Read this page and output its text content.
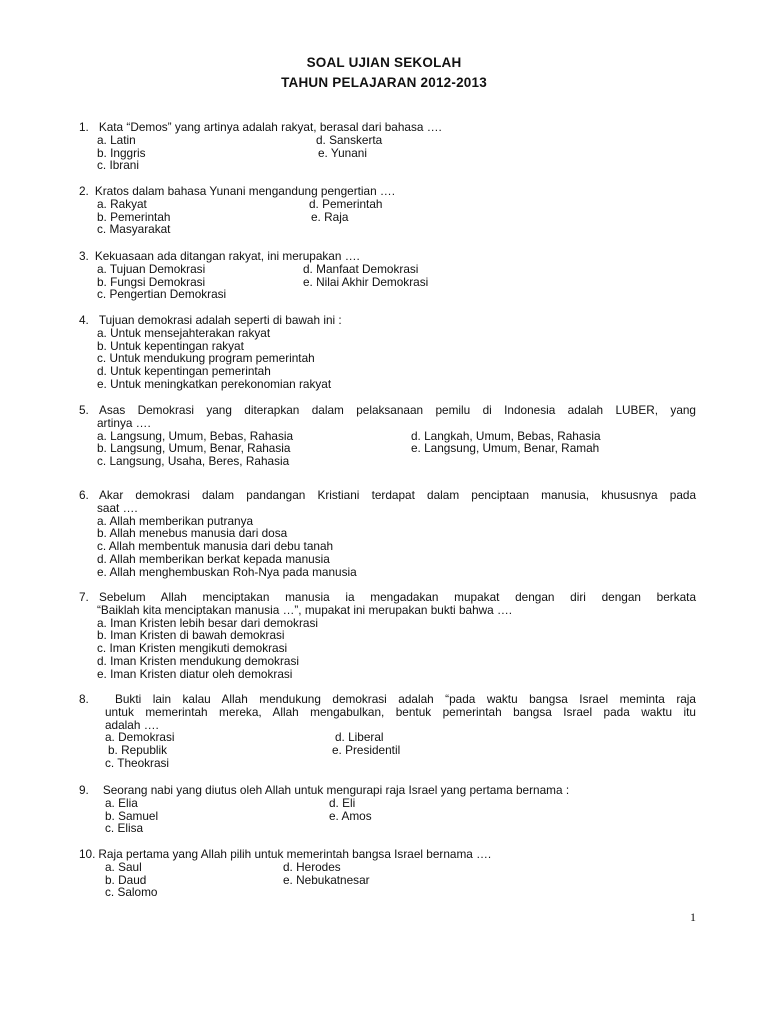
SOAL UJIAN SEKOLAH
TAHUN PELAJARAN 2012-2013
1. Kata “Demos” yang artinya adalah rakyat, berasal dari bahasa ….
a. Latin
b. Inggris
c. Ibrani
d. Sanskerta
e. Yunani
2. Kratos dalam bahasa Yunani mengandung pengertian ….
a. Rakyat
b. Pemerintah
c. Masyarakat
d. Pemerintah
e. Raja
3. Kekuasaan ada ditangan rakyat, ini merupakan ….
a. Tujuan Demokrasi
b. Fungsi Demokrasi
c. Pengertian Demokrasi
d. Manfaat Demokrasi
e. Nilai Akhir Demokrasi
4. Tujuan demokrasi adalah seperti di bawah ini :
a. Untuk mensejahterakan rakyat
b. Untuk kepentingan rakyat
c. Untuk mendukung program pemerintah
d. Untuk kepentingan pemerintah
e. Untuk meningkatkan perekonomian rakyat
5. Asas Demokrasi yang diterapkan dalam pelaksanaan pemilu di Indonesia adalah LUBER, yang
artinya ….
a. Langsung, Umum, Bebas, Rahasia
b. Langsung, Umum, Benar, Rahasia
c. Langsung, Usaha, Beres, Rahasia
d. Langkah, Umum, Bebas, Rahasia
e. Langsung, Umum, Benar, Ramah
6. Akar demokrasi dalam pandangan Kristiani terdapat dalam penciptaan manusia, khususnya pada
saat ….
a. Allah memberikan putranya
b. Allah menebus manusia dari dosa
c. Allah membentuk manusia dari debu tanah
d. Allah memberikan berkat kepada manusia
e. Allah menghembuskan Roh-Nya pada manusia
7. Sebelum Allah menciptakan manusia ia mengadakan mupakat dengan diri dengan berkata
“Baiklah kita menciptakan manusia …”, mupakat ini merupakan bukti bahwa ….
a. Iman Kristen lebih besar dari demokrasi
b. Iman Kristen di bawah demokrasi
c. Iman Kristen mengikuti demokrasi
d. Iman Kristen mendukung demokrasi
e. Iman Kristen diatur oleh demokrasi
8. Bukti lain kalau Allah mendukung demokrasi adalah “pada waktu bangsa Israel meminta raja
untuk memerintah mereka, Allah mengabulkan, bentuk pemerintah bangsa Israel pada waktu itu
adalah ….
a. Demokrasi
b. Republik
c. Theokrasi
d. Liberal
e. Presidentil
9. Seorang nabi yang diutus oleh Allah untuk mengurapi raja Israel yang pertama bernama :
a. Elia
b. Samuel
c. Elisa
d. Eli
e. Amos
10. Raja pertama yang Allah pilih untuk memerintah bangsa Israel bernama ….
a. Saul
b. Daud
c. Salomo
d. Herodes
e. Nebukatnesar
1
